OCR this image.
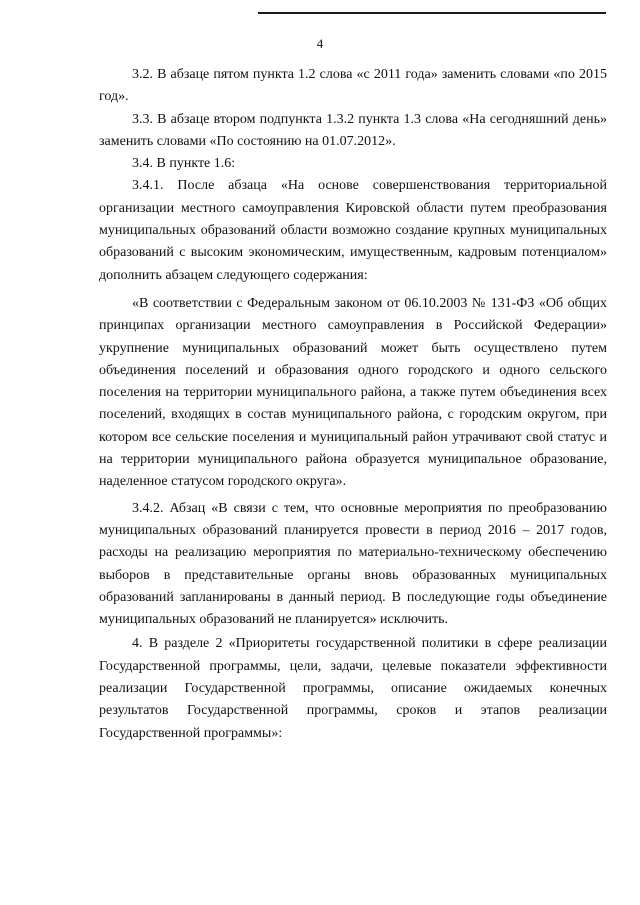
4

3.2. В абзаце пятом пункта 1.2 слова «с 2011 года» заменить словами «по 2015 год».

3.3. В абзаце втором подпункта 1.3.2 пункта 1.3 слова «На сегодняшний день» заменить словами «По состоянию на 01.07.2012».

3.4. В пункте 1.6:

3.4.1. После абзаца «На основе совершенствования территориальной организации местного самоуправления Кировской области путем преобразования муниципальных образований области возможно создание крупных муниципальных образований с высоким экономическим, имущественным, кадровым потенциалом» дополнить абзацем следующего содержания:

«В соответствии с Федеральным законом от 06.10.2003 № 131-ФЗ «Об общих принципах организации местного самоуправления в Российской Федерации» укрупнение муниципальных образований может быть осуществлено путем объединения поселений и образования одного городского и одного сельского поселения на территории муниципального района, а также путем объединения всех поселений, входящих в состав муниципального района, с городским округом, при котором все сельские поселения и муниципальный район утрачивают свой статус и на территории муниципального района образуется муниципальное образование, наделенное статусом городского округа».

3.4.2. Абзац «В связи с тем, что основные мероприятия по преобразованию муниципальных образований планируется провести в период 2016 – 2017 годов, расходы на реализацию мероприятия по материально-техническому обеспечению выборов в представительные органы вновь образованных муниципальных образований запланированы в данный период. В последующие годы объединение муниципальных образований не планируется» исключить.

4. В разделе 2 «Приоритеты государственной политики в сфере реализации Государственной программы, цели, задачи, целевые показатели эффективности реализации Государственной программы, описание ожидаемых конечных результатов Государственной программы, сроков и этапов реализации Государственной программы»:
